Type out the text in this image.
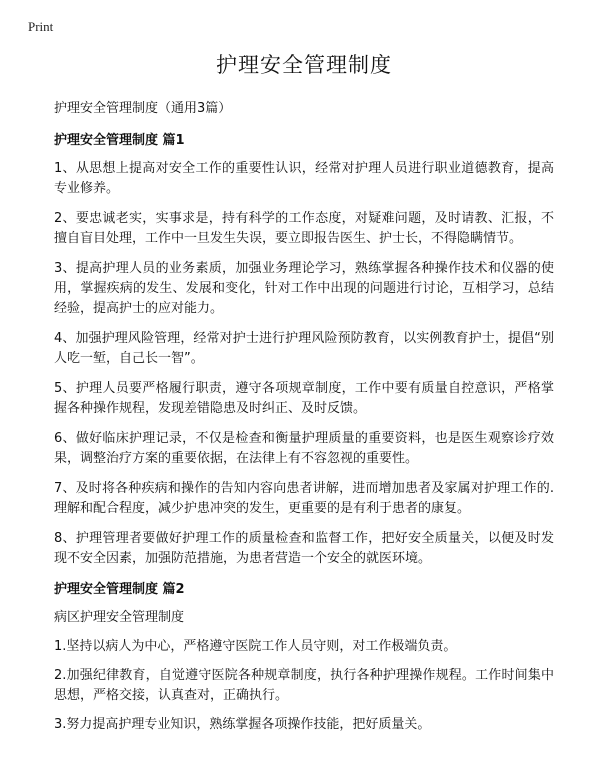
Print
护理安全管理制度
护理安全管理制度（通用3篇）
护理安全管理制度 篇1
1、从思想上提高对安全工作的重要性认识，经常对护理人员进行职业道德教育，提高专业修养。
2、要忠诚老实，实事求是，持有科学的工作态度，对疑难问题，及时请教、汇报，不擅自盲目处理，工作中一旦发生失误，要立即报告医生、护士长，不得隐瞒情节。
3、提高护理人员的业务素质，加强业务理论学习，熟练掌握各种操作技术和仪器的使用，掌握疾病的发生、发展和变化，针对工作中出现的问题进行讨论，互相学习，总结经验，提高护士的应对能力。
4、加强护理风险管理，经常对护士进行护理风险预防教育，以实例教育护士，提倡“别人吃一堑，自己长一智”。
5、护理人员要严格履行职责，遵守各项规章制度，工作中要有质量自控意识，严格掌握各种操作规程，发现差错隐患及时纠正、及时反馈。
6、做好临床护理记录，不仅是检查和衡量护理质量的重要资料，也是医生观察诊疗效果，调整治疗方案的重要依据，在法律上有不容忽视的重要性。
7、及时将各种疾病和操作的告知内容向患者讲解，进而增加患者及家属对护理工作的.理解和配合程度，减少护患冲突的发生，更重要的是有利于患者的康复。
8、护理管理者要做好护理工作的质量检查和监督工作，把好安全质量关，以便及时发现不安全因素，加强防范措施，为患者营造一个安全的就医环境。
护理安全管理制度 篇2
病区护理安全管理制度
1.坚持以病人为中心，严格遵守医院工作人员守则，对工作极端负责。
2.加强纪律教育，自觉遵守医院各种规章制度，执行各种护理操作规程。工作时间集中思想，严格交接，认真查对，正确执行。
3.努力提高护理专业知识，熟练掌握各项操作技能，把好质量关。
